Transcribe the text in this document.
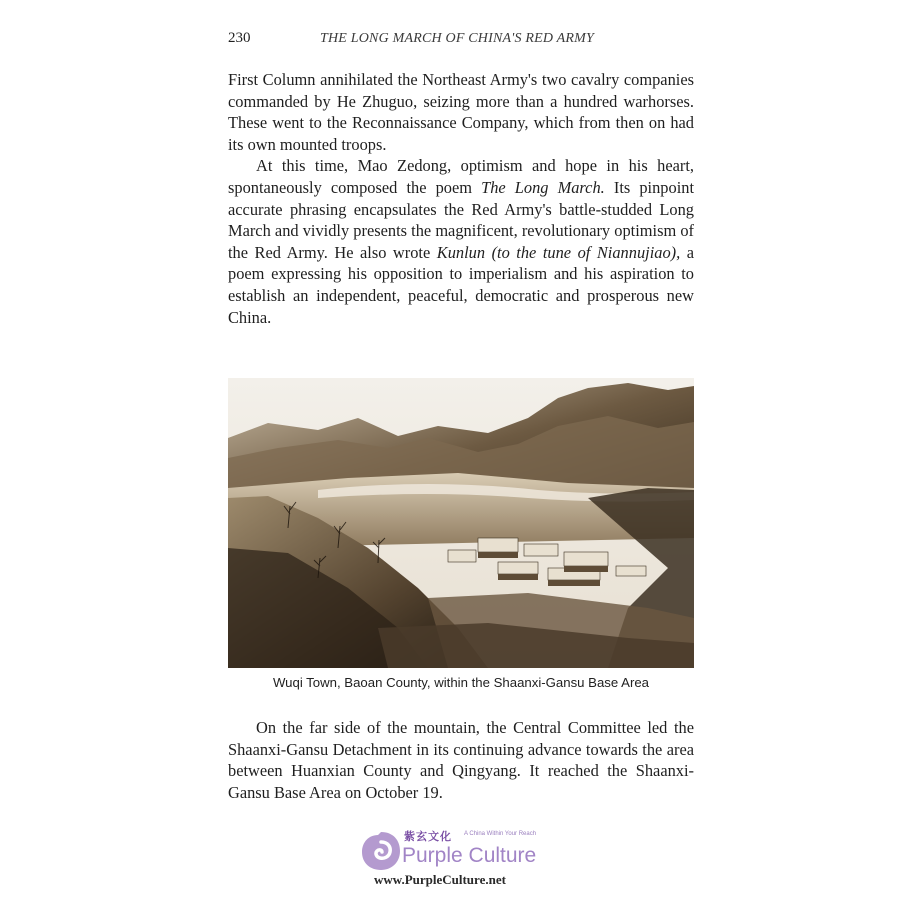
230	THE LONG MARCH OF CHINA'S RED ARMY

First Column annihilated the Northeast Army's two cavalry companies commanded by He Zhuguo, seizing more than a hundred warhorses. These went to the Reconnaissance Company, which from then on had its own mounted troops.

At this time, Mao Zedong, optimism and hope in his heart, spontaneously composed the poem The Long March. Its pinpoint accurate phrasing encapsulates the Red Army's battle-studded Long March and vividly presents the magnificent, revolutionary optimism of the Red Army. He also wrote Kunlun (to the tune of Niannujiao), a poem expressing his opposition to imperialism and his aspiration to establish an independent, peaceful, democratic and prosperous new China.

Wuqi Town, Baoan County, within the Shaanxi-Gansu Base Area
On the far side of the mountain, the Central Committee led the Shaanxi-Gansu Detachment in its continuing advance towards the area between Huanxian County and Qingyang. It reached the Shaanxi-Gansu Base Area on October 19.
紫玄文化 A China Within Your Reach
Purple Culture
www.PurpleCulture.net
